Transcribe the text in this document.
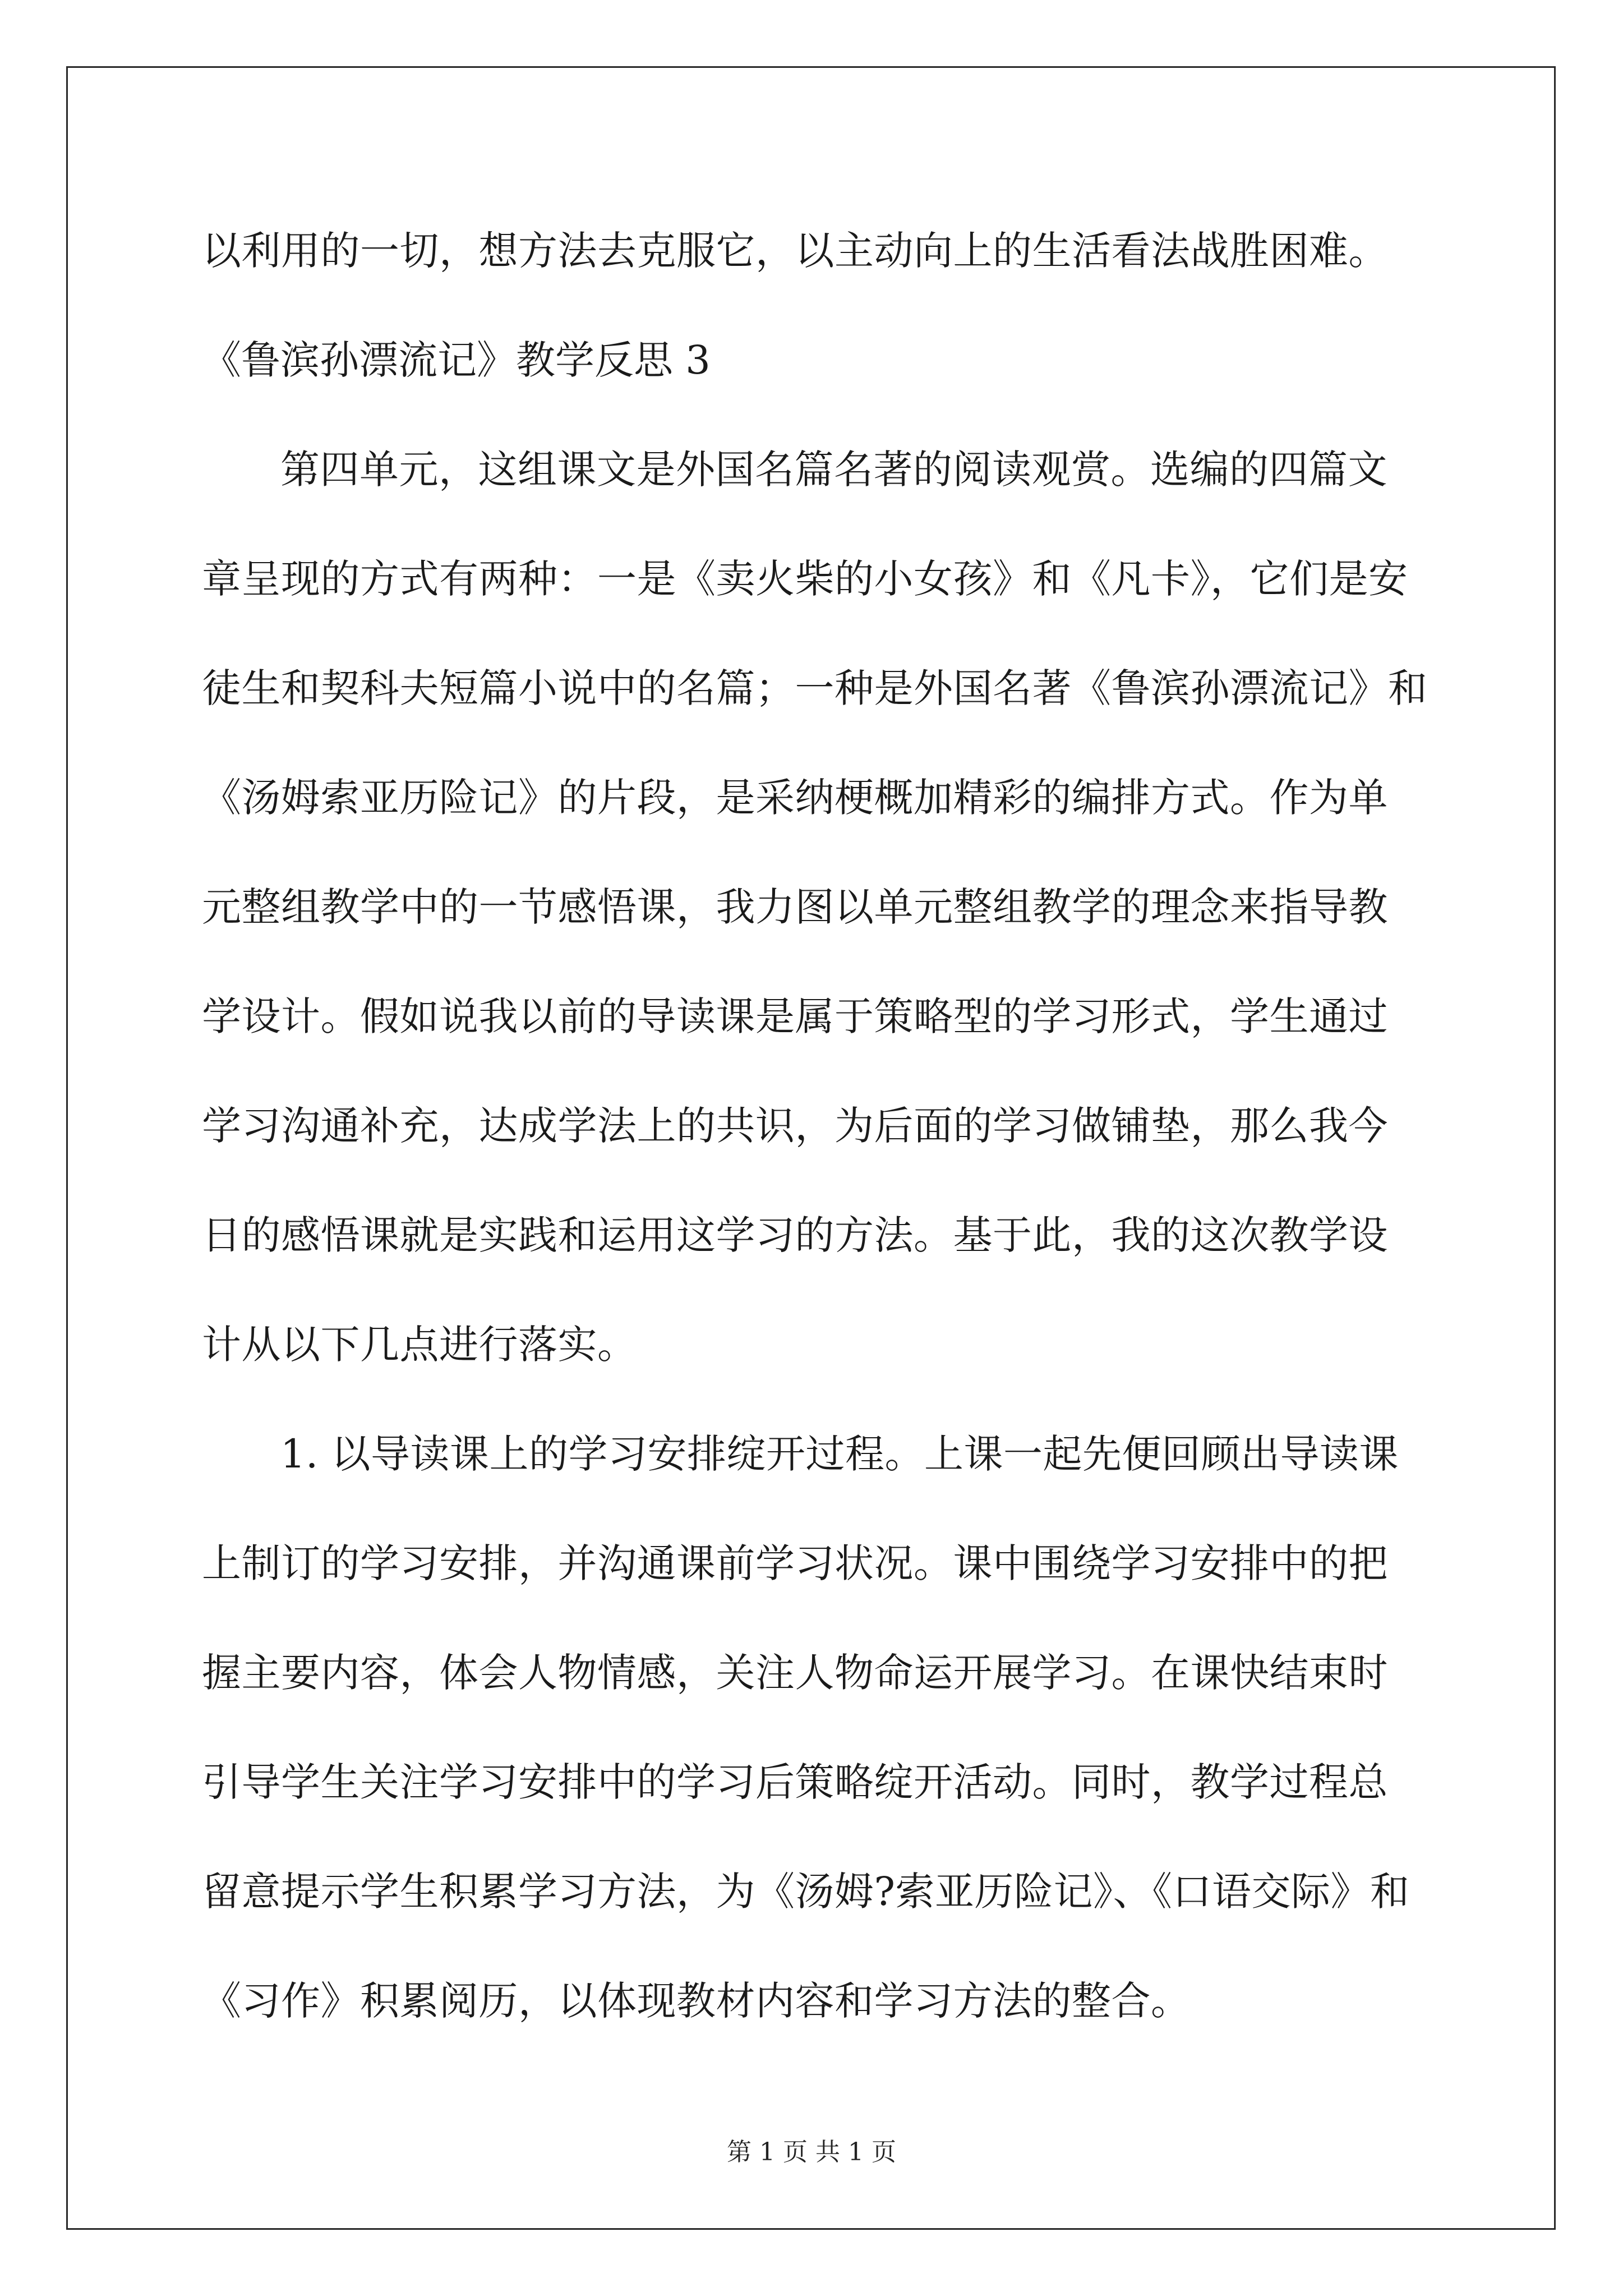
以利用的一切，想方法去克服它，以主动向上的生活看法战胜困难。
《鲁滨孙漂流记》教学反思 3
第四单元，这组课文是外国名篇名著的阅读观赏。选编的四篇文
章呈现的方式有两种：一是《卖火柴的小女孩》和《凡卡》，它们是安
徒生和契科夫短篇小说中的名篇；一种是外国名著《鲁滨孙漂流记》和
《汤姆索亚历险记》的片段，是采纳梗概加精彩的编排方式。作为单
元整组教学中的一节感悟课，我力图以单元整组教学的理念来指导教
学设计。假如说我以前的导读课是属于策略型的学习形式，学生通过
学习沟通补充，达成学法上的共识，为后面的学习做铺垫，那么我今
日的感悟课就是实践和运用这学习的方法。基于此，我的这次教学设
计从以下几点进行落实。
1. 以导读课上的学习安排绽开过程。上课一起先便回顾出导读课
上制订的学习安排，并沟通课前学习状况。课中围绕学习安排中的把
握主要内容，体会人物情感，关注人物命运开展学习。在课快结束时
引导学生关注学习安排中的学习后策略绽开活动。同时，教学过程总
留意提示学生积累学习方法，为《汤姆?索亚历险记》、《口语交际》和
《习作》积累阅历，以体现教材内容和学习方法的整合。
第 1 页 共 1 页
